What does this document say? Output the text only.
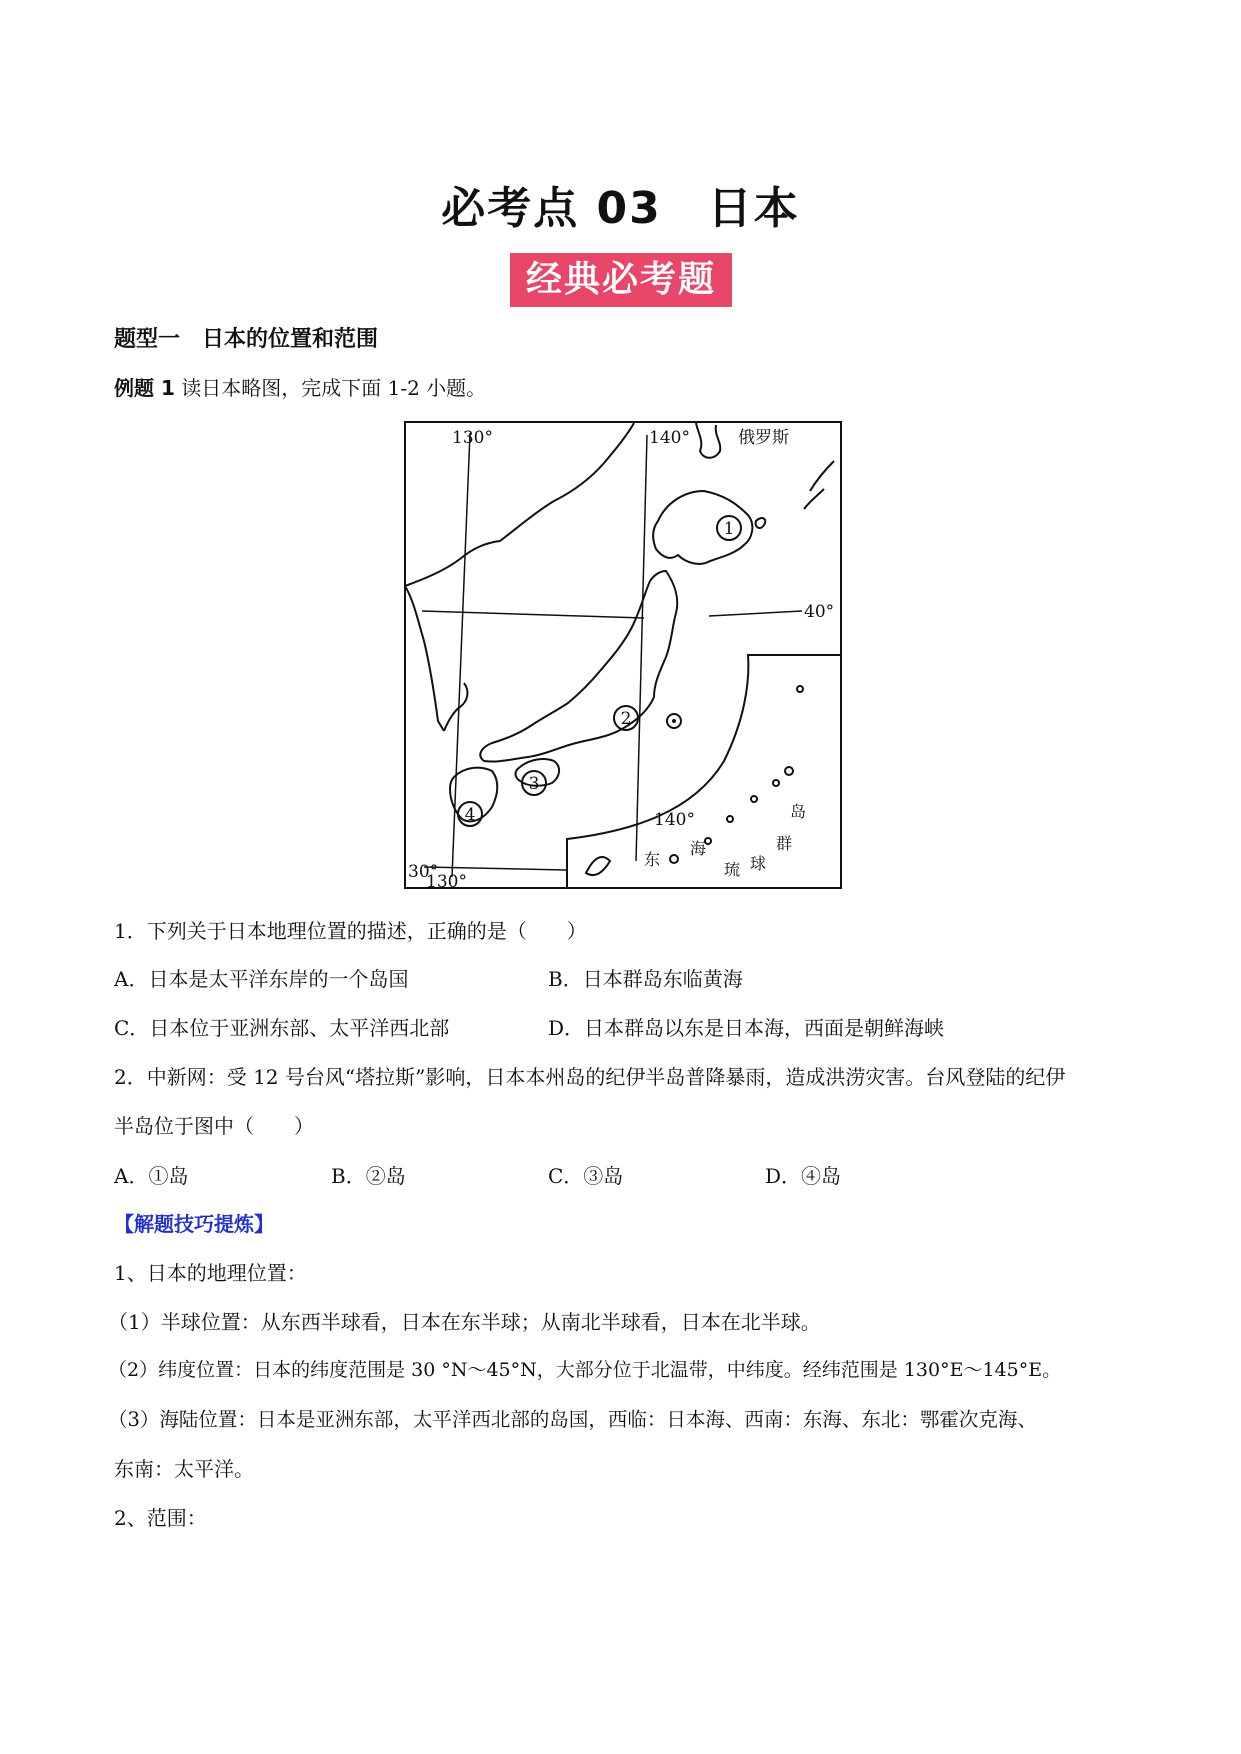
必考点 03　日本
经典必考题
题型一　日本的位置和范围
例题 1 读日本略图，完成下面 1-2 小题。
130°	140°
40°
140°
30°
130°
俄罗斯
1
2
3
4
东
海
琉 球
岛
群
1．下列关于日本地理位置的描述，正确的是（　　）
A．日本是太平洋东岸的一个岛国	B．日本群岛东临黄海
C．日本位于亚洲东部、太平洋西北部	D．日本群岛以东是日本海，西面是朝鲜海峡
2．中新网：受 12 号台风“塔拉斯”影响，日本本州岛的纪伊半岛普降暴雨，造成洪涝灾害。台风登陆的纪伊
半岛位于图中（　　）
A．①岛	B．②岛	C．③岛	D．④岛
【解题技巧提炼】
1、日本的地理位置：
（1）半球位置：从东西半球看，日本在东半球；从南北半球看，日本在北半球。
（2）纬度位置：日本的纬度范围是 30 °N～45°N，大部分位于北温带，中纬度。经纬范围是 130°E～145°E。
（3）海陆位置：日本是亚洲东部，太平洋西北部的岛国，西临：日本海、西南：东海、东北：鄂霍次克海、
东南：太平洋。
2、范围：
